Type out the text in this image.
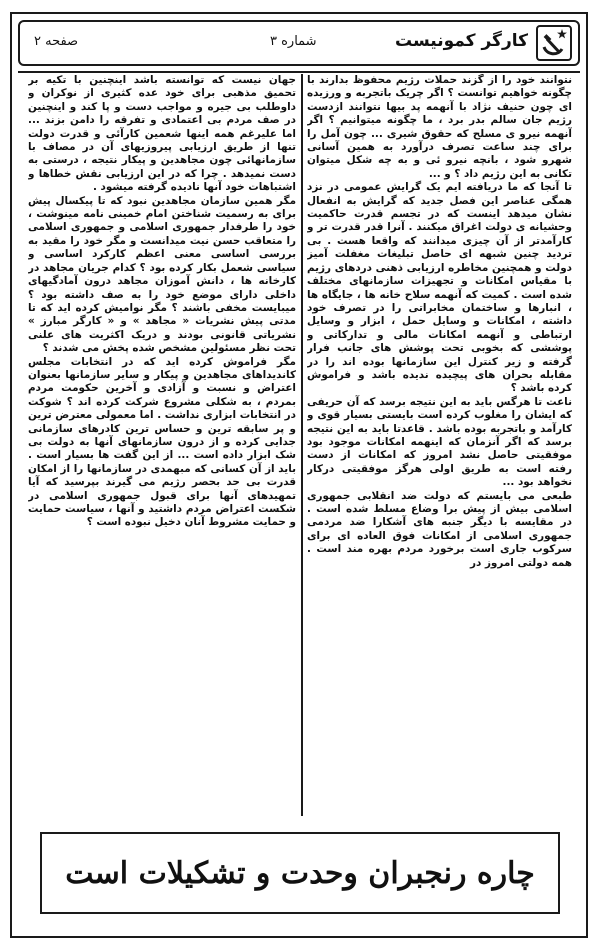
کارگر کمونیست
شماره ۳
صفحه ۲

نتوانند خود را از گزند حملات رژیم محفوظ بدارند با چگونه خواهیم توانست ؟ اگر چریک باتجربه و ورزیده ای چون حنیف نژاد با آنهمه پد بیها نتوانند ازدست رژیم جان سالم بدر برد ، ما چگونه میتوانیم ؟ اگر آنهمه نیرو ی مسلح که حقوق شیری ... چون آمل را برای چند ساعت تصرف درآورد به همین آسانی شهرو شود ، بانچه نیرو ئی و به چه شکل میتوان تکانی به این رژیم داد ؟ و ...

تا آنجا که ما دریافته ایم یک گرایش عمومی در نزد همگی عناصر این فصل جدید که گرایش به انفعال نشان میدهد اینست که در تجسم قدرت حاکمیت وحشیانه ی دولت اغراق میکنند . آنرا قدر قدرت تر و کارآمدتر از آن چیزی میدانند که واقعا هست . بی تردید چنین شبهه ای حاصل تبلیغات مغفلت آمیز دولت و همچنین مخاطره ارزیابی ذهنی دردهای رژیم با مقیاس امکانات و تجهیزات سازمانهای مختلف شده است . کمیت که آنهمه سلاح خانه ها ، جایگاه ها ، انبارها و ساختمان مخابراتی را در تصرف خود داشته ، امکانات و وسایل حمل ، ابزار و وسایل ارتباطی و آنهمه امکانات مالی و تدارکاتی و پوششی که بخوبی تحت پوشش های جانب فرار گرفته و زیر کنترل این سازمانها بوده اند را در مقابله بحران های پیچیده ندیده باشد و فراموش کرده باشد ؟

ناعت تا هرگس باید به این نتیجه برسد که آن حریفی که ایشان را مغلوب کرده است بایستی بسیار قوی و کارآمد و باتجربه بوده باشد . قاعدتا باید به این نتیجه برسد که اگر آنزمان که اینهمه امکانات موجود بود موفقیتی حاصل نشد امروز که امکانات از دست رفته است به طریق اولی هرگز موفقیتی درکار نخواهد بود ...

طبعی می بایستم که دولت ضد انقلابی جمهوری اسلامی بیش از پیش برا وضاع مسلط شده است . در مقایسه با دیگر جنبه های آشکارا ضد مردمی جمهوری اسلامی از امکانات فوق العاده ای برای سرکوب جاری است برخورد مردم بهره مند است . همه دولتی امروز در

جهان نیست که توانسته باشد اینچنین با تکیه بر تحمیق مذهبی برای خود عده کثیری از نوکران و داوطلب بی جیره و مواجب دست و پا کند و اینچنین در صف مردم بی اعتمادی و تفرقه را دامن بزند ... اما علیرغم همه اینها شعمین کارآئی و قدرت دولت تنها از طریق ارزیابی پیروزیهای آن در مصاف با سازمانهائی چون مجاهدین و پیکار نتیجه ، درستی به دست نمیدهد . چرا که در این ارزیابی نقش خطاها و اشتباهات خود آنها نادیده گرفته میشود .

مگر همین سازمان مجاهدین نبود که تا پیکسال پیش برای به رسمیت شناختن امام خمینی نامه مینوشت ، خود را طرفدار جمهوری اسلامی و جمهوری اسلامی را متعاقب حسن نیت میدانست و مگر خود را مقید به بررسی اساسی معنی اعظم کارکرد اساسی و سیاسی شعمل بکار کرده بود ؟ کدام جریان مجاهد در کارخانه ها ، دانش آموزان مجاهد درون آمادگیهای داخلی دارای موضع خود را به صف داشته بود ؟ میبایست مخفی باشند ؟ مگر نوامیش کرده اید که تا مدتی پیش نشریات « مجاهد » و « کارگر مبارز » نشریاتی قانونی بودند و دریک اکثریت های علنی تحت نظر مسئولین مشخص شده پخش می شدند ؟

مگر فراموش کرده اید که در انتخابات مجلس کاندیداهای مجاهدین و پیکار و سایر سازمانها بعنوان اعتراض و نسبت و آزادی و آخرین حکومت مردم بمردم ، به شکلی مشروع شرکت کرده اند ؟ شوکت در انتخابات ابزاری نداشت . اما معمولی معترض ترین و پر سابقه ترین و حساس ترین کادرهای سازمانی جدایی کرده و از درون سازمانهای آنها به دولت بی شک ابزار داده است ... از این گفت ها بسیار است . باید از آن کسانی که مبهمدی در سازمانها را از امکان قدرت بی حد بحصر رژیم می گیرند بپرسید که آیا تمهیدهای آنها برای قبول جمهوری اسلامی در شکست اعتراض مردم داشتید و آنها ، سیاست حمایت و حمایت مشروط آنان دخیل نبوده است ؟

چاره رنجبران وحدت و تشکیلات است
